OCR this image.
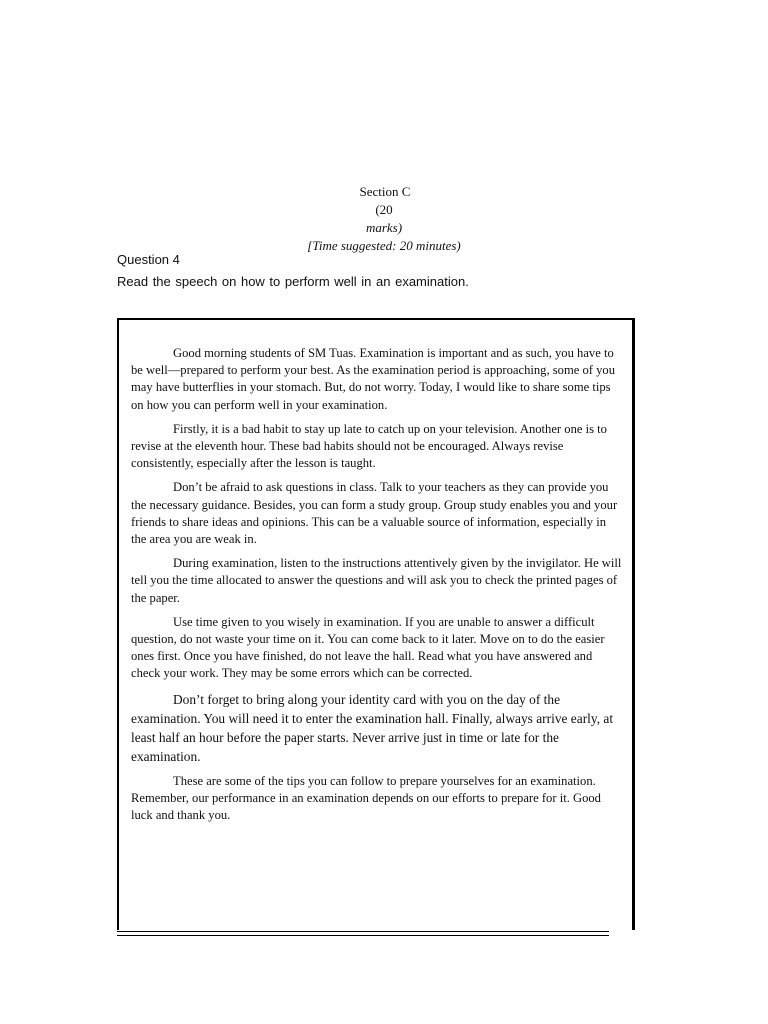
Section C
(20
marks)
[Time suggested: 20 minutes)
Question 4
Read the speech on how to perform well in an examination.

Good morning students of SM Tuas. Examination is important and as such, you have to be well—prepared to perform your best. As the examination period is approaching, some of you may have butterflies in your stomach. But, do not worry. Today, I would like to share some tips on how you can perform well in your examination.

Firstly, it is a bad habit to stay up late to catch up on your television. Another one is to revise at the eleventh hour. These bad habits should not be encouraged. Always revise consistently, especially after the lesson is taught.

Don’t be afraid to ask questions in class. Talk to your teachers as they can provide you the necessary guidance. Besides, you can form a study group. Group study enables you and your friends to share ideas and opinions. This can be a valuable source of information, especially in the area you are weak in.

During examination, listen to the instructions attentively given by the invigilator. He will tell you the time allocated to answer the questions and will ask you to check the printed pages of the paper.

Use time given to you wisely in examination. If you are unable to answer a difficult question, do not waste your time on it. You can come back to it later. Move on to do the easier ones first. Once you have finished, do not leave the hall. Read what you have answered and check your work. They may be some errors which can be corrected.

Don’t forget to bring along your identity card with you on the day of the examination. You will need it to enter the examination hall. Finally, always arrive early, at least half an hour before the paper starts. Never arrive just in time or late for the examination.

These are some of the tips you can follow to prepare yourselves for an examination. Remember, our performance in an examination depends on our efforts to prepare for it. Good luck and thank you.
